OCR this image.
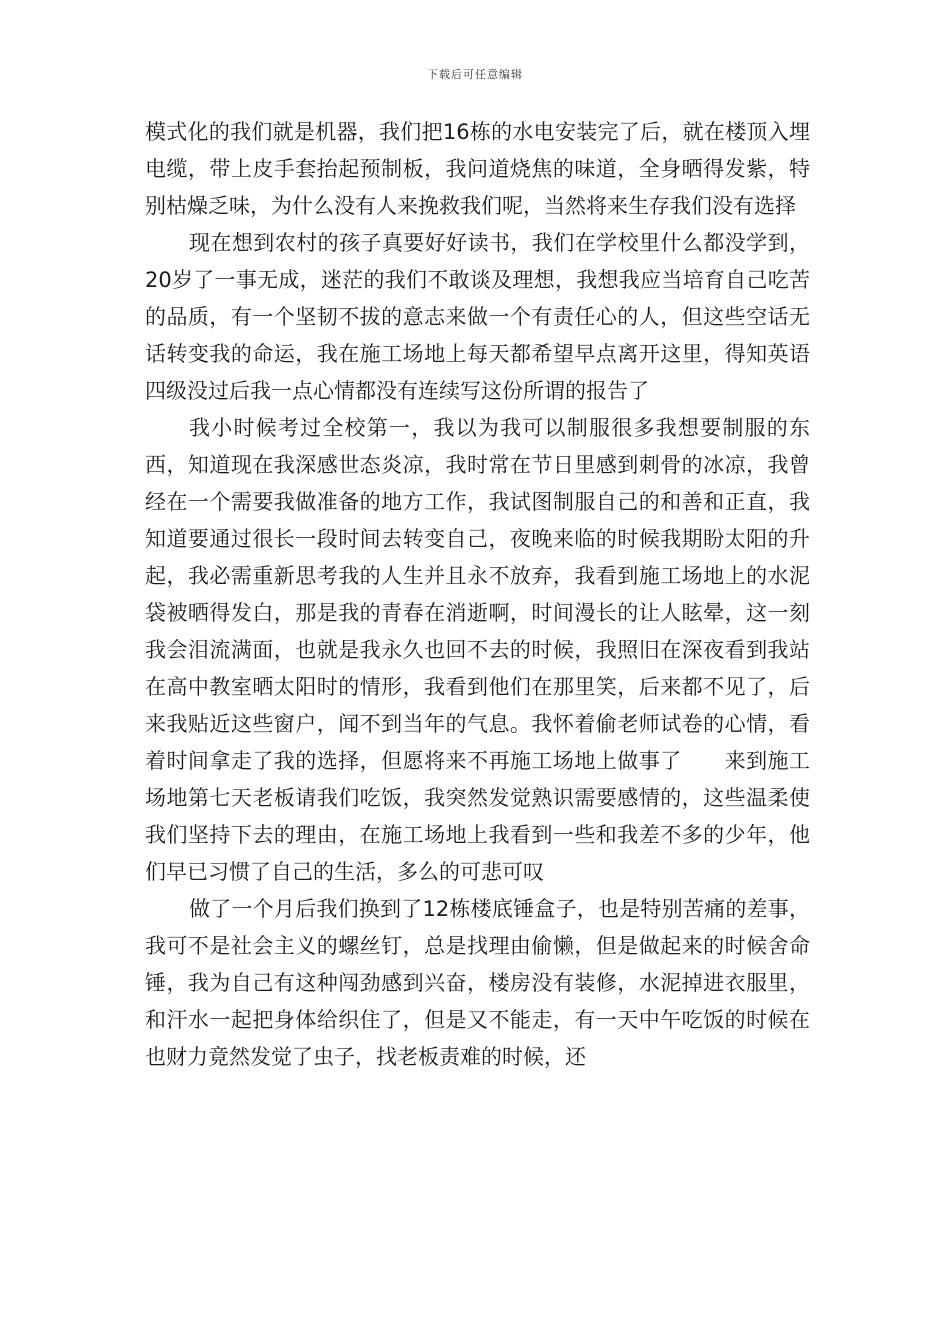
下载后可任意编辑

模式化的我们就是机器，我们把16栋的水电安装完了后，就在楼顶入埋电缆，带上皮手套抬起预制板，我问道烧焦的味道，全身晒得发紫，特别枯燥乏味，为什么没有人来挽救我们呢，当然将来生存我们没有选择

现在想到农村的孩子真要好好读书，我们在学校里什么都没学到，20岁了一事无成，迷茫的我们不敢谈及理想，我想我应当培育自己吃苦的品质，有一个坚韧不拔的意志来做一个有责任心的人，但这些空话无话转变我的命运，我在施工场地上每天都希望早点离开这里，得知英语四级没过后我一点心情都没有连续写这份所谓的报告了

我小时候考过全校第一，我以为我可以制服很多我想要制服的东西，知道现在我深感世态炎凉，我时常在节日里感到刺骨的冰凉，我曾经在一个需要我做准备的地方工作，我试图制服自己的和善和正直，我知道要通过很长一段时间去转变自己，夜晚来临的时候我期盼太阳的升起，我必需重新思考我的人生并且永不放弃，我看到施工场地上的水泥袋被晒得发白，那是我的青春在消逝啊，时间漫长的让人眩晕，这一刻我会泪流满面，也就是我永久也回不去的时候，我照旧在深夜看到我站在高中教室晒太阳时的情形，我看到他们在那里笑，后来都不见了，后来我贴近这些窗户，闻不到当年的气息。我怀着偷老师试卷的心情，看着时间拿走了我的选择，但愿将来不再施工场地上做事了　　来到施工场地第七天老板请我们吃饭，我突然发觉熟识需要感情的，这些温柔使我们坚持下去的理由，在施工场地上我看到一些和我差不多的少年，他们早已习惯了自己的生活，多么的可悲可叹

做了一个月后我们换到了12栋楼底锤盒子，也是特别苦痛的差事，我可不是社会主义的螺丝钉，总是找理由偷懒，但是做起来的时候舍命锤，我为自己有这种闯劲感到兴奋，楼房没有装修，水泥掉进衣服里，和汗水一起把身体给织住了，但是又不能走，有一天中午吃饭的时候在也财力竟然发觉了虫子，找老板责难的时候，还
